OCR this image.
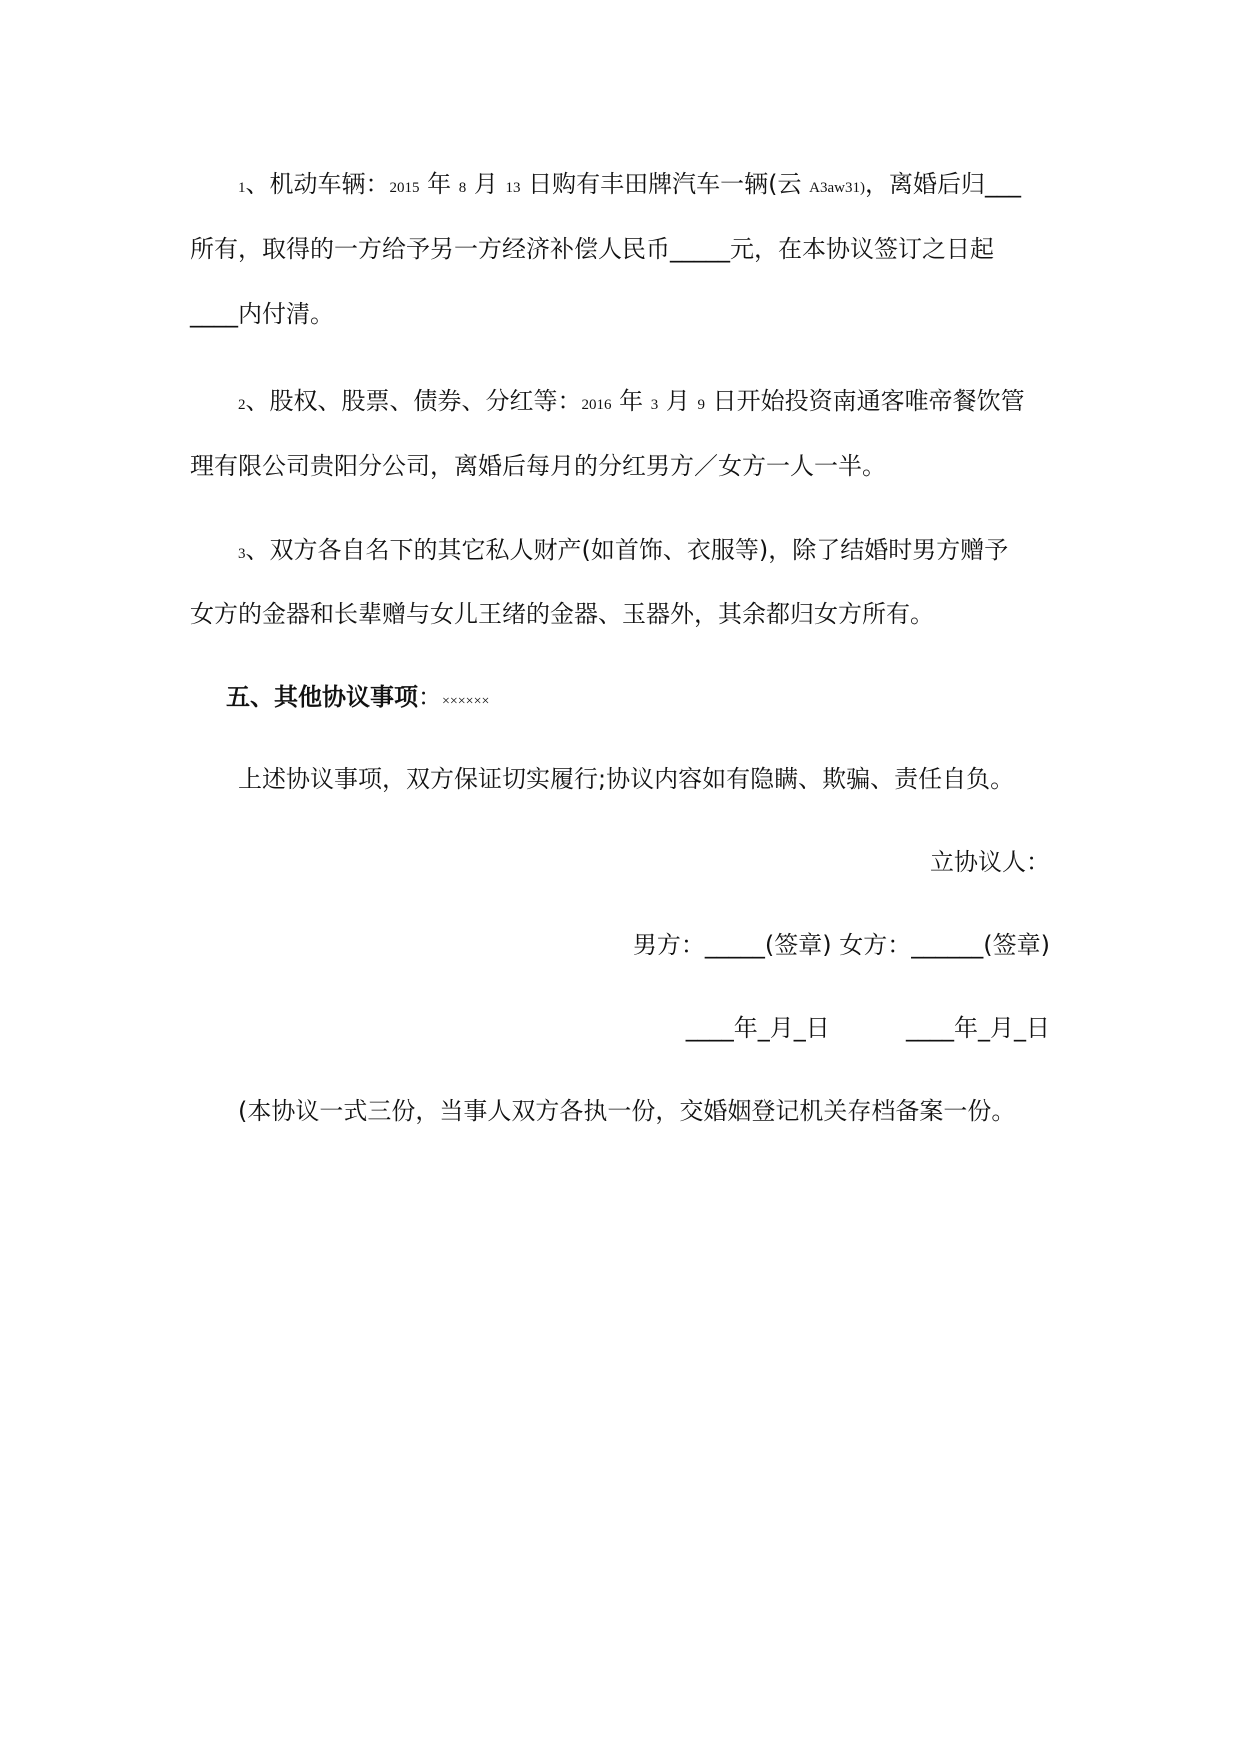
1、机动车辆：2015 年 8 月 13 日购有丰田牌汽车一辆(云 A3aw31)，离婚后归___
所有，取得的一方给予另一方经济补偿人民币_____元，在本协议签订之日起
____内付清。
2、股权、股票、债券、分红等：2016 年 3 月 9 日开始投资南通客唯帝餐饮管
理有限公司贵阳分公司，离婚后每月的分红男方／女方一人一半。
3、双方各自名下的其它私人财产(如首饰、衣服等)，除了结婚时男方赠予
女方的金器和长辈赠与女儿王绪的金器、玉器外，其余都归女方所有。
五、其他协议事项：××××××
上述协议事项，双方保证切实履行;协议内容如有隐瞒、欺骗、责任自负。
立协议人：
男方：_____(签章) 女方：______(签章)
____年_月_日          ____年_月_日
(本协议一式三份，当事人双方各执一份，交婚姻登记机关存档备案一份。
